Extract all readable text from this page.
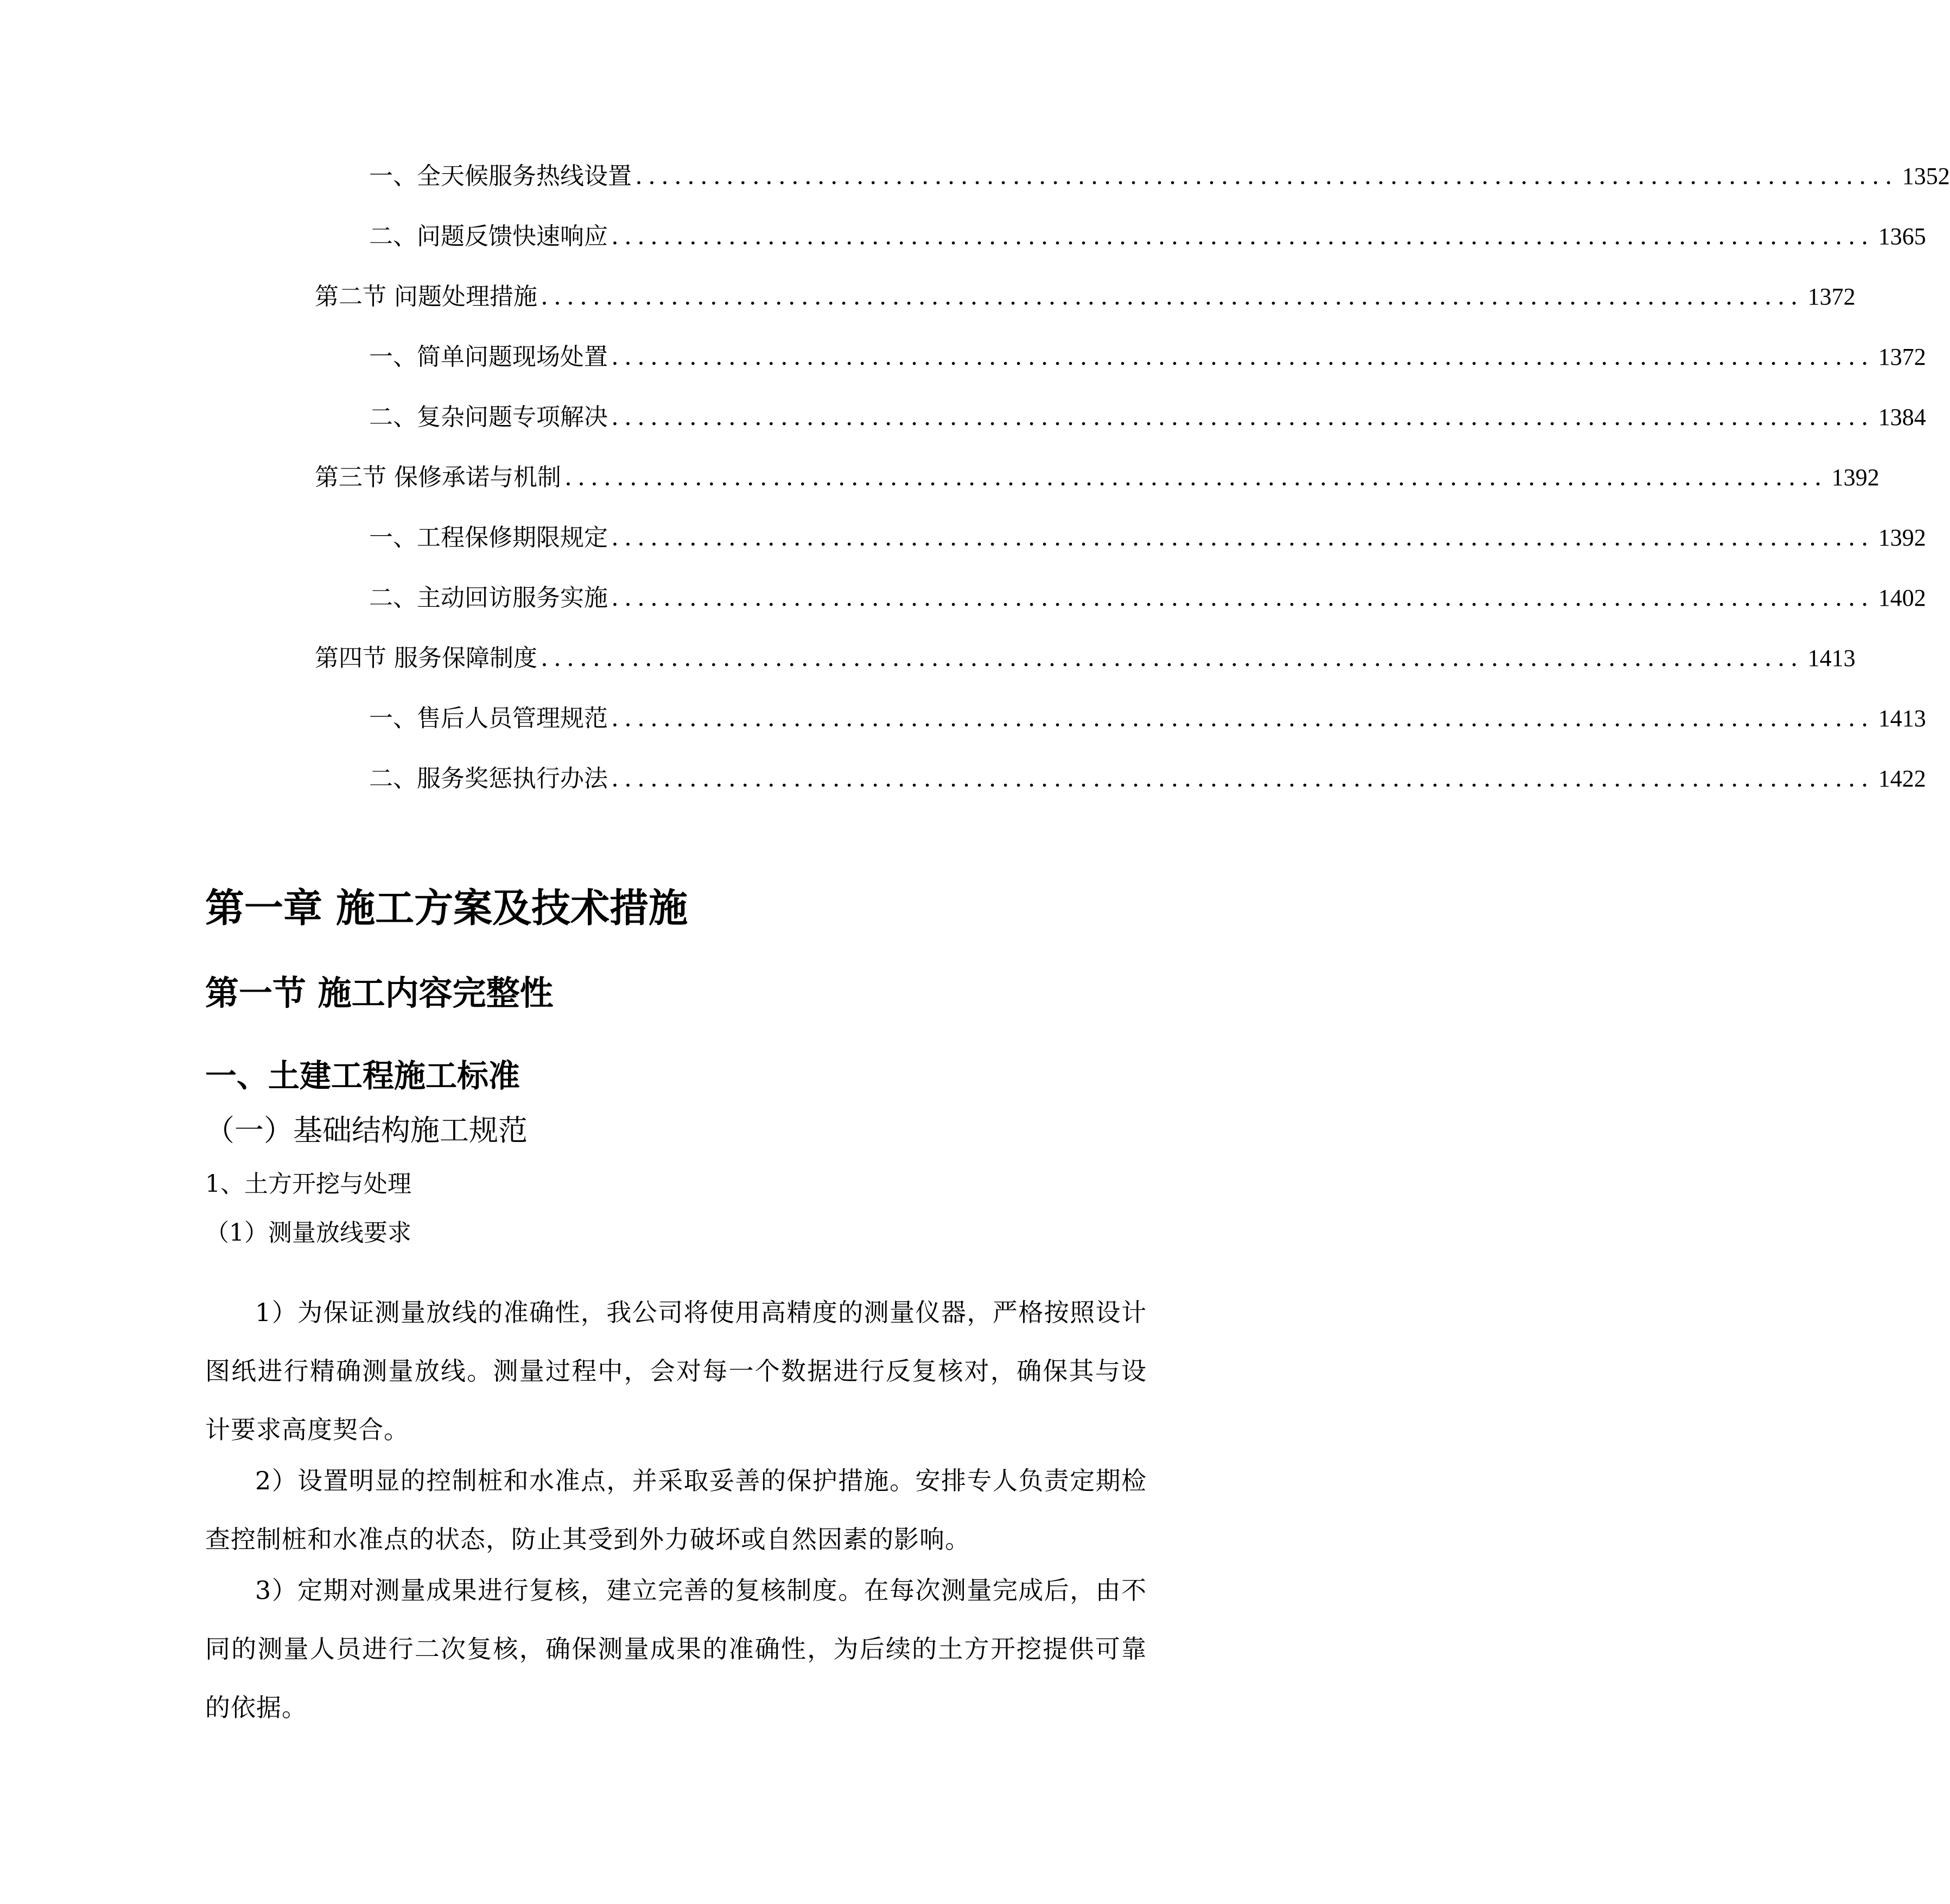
一、 全天候服务热线设置 ................................................................................................. 1352
二、 问题反馈快速响应 ................................................................................................. 1365
第二节 问题处理措施 ................................................................................................. 1372
一、 简单问题现场处置 ................................................................................................. 1372
二、 复杂问题专项解决 ................................................................................................. 1384
第三节 保修承诺与机制 ................................................................................................. 1392
一、 工程保修期限规定 ................................................................................................. 1392
二、 主动回访服务实施 ................................................................................................. 1402
第四节 服务保障制度 ................................................................................................. 1413
一、 售后人员管理规范 ................................................................................................. 1413
二、 服务奖惩执行办法 ................................................................................................. 1422
第一章 施工方案及技术措施
第一节 施工内容完整性
一、土建工程施工标准
（一）基础结构施工规范
1、土方开挖与处理
（1）测量放线要求

1）为保证测量放线的准确性，我公司将使用高精度的测量仪器，严格按照设计图纸进行精确测量放线。测量过程中，会对每一个数据进行反复核对，确保其与设计要求高度契合。

2）设置明显的控制桩和水准点，并采取妥善的保护措施。安排专人负责定期检查控制桩和水准点的状态，防止其受到外力破坏或自然因素的影响。

3）定期对测量成果进行复核，建立完善的复核制度。在每次测量完成后，由不同的测量人员进行二次复核，确保测量成果的准确性，为后续的土方开挖提供可靠的依据。
